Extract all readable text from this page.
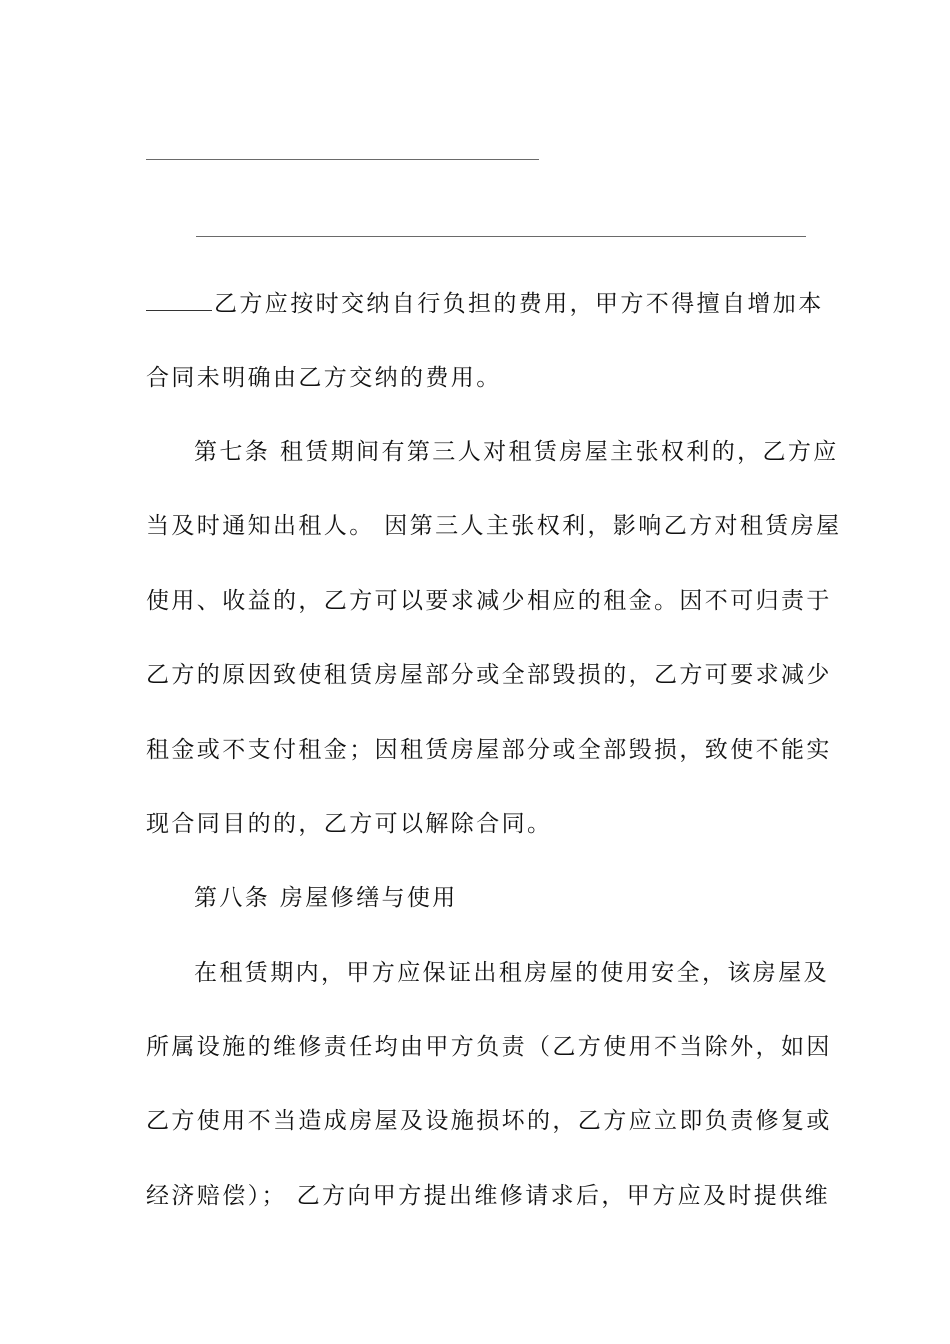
乙方应按时交纳自行负担的费用，甲方不得擅自增加本
合同未明确由乙方交纳的费用。
第七条 租赁期间有第三人对租赁房屋主张权利的，乙方应
当及时通知出租人。 因第三人主张权利，影响乙方对租赁房屋
使用、收益的，乙方可以要求减少相应的租金。因不可归责于
乙方的原因致使租赁房屋部分或全部毁损的，乙方可要求减少
租金或不支付租金；因租赁房屋部分或全部毁损，致使不能实
现合同目的的，乙方可以解除合同。
第八条 房屋修缮与使用
在租赁期内，甲方应保证出租房屋的使用安全，该房屋及
所属设施的维修责任均由甲方负责（乙方使用不当除外，如因
乙方使用不当造成房屋及设施损坏的，乙方应立即负责修复或
经济赔偿）； 乙方向甲方提出维修请求后，甲方应及时提供维
